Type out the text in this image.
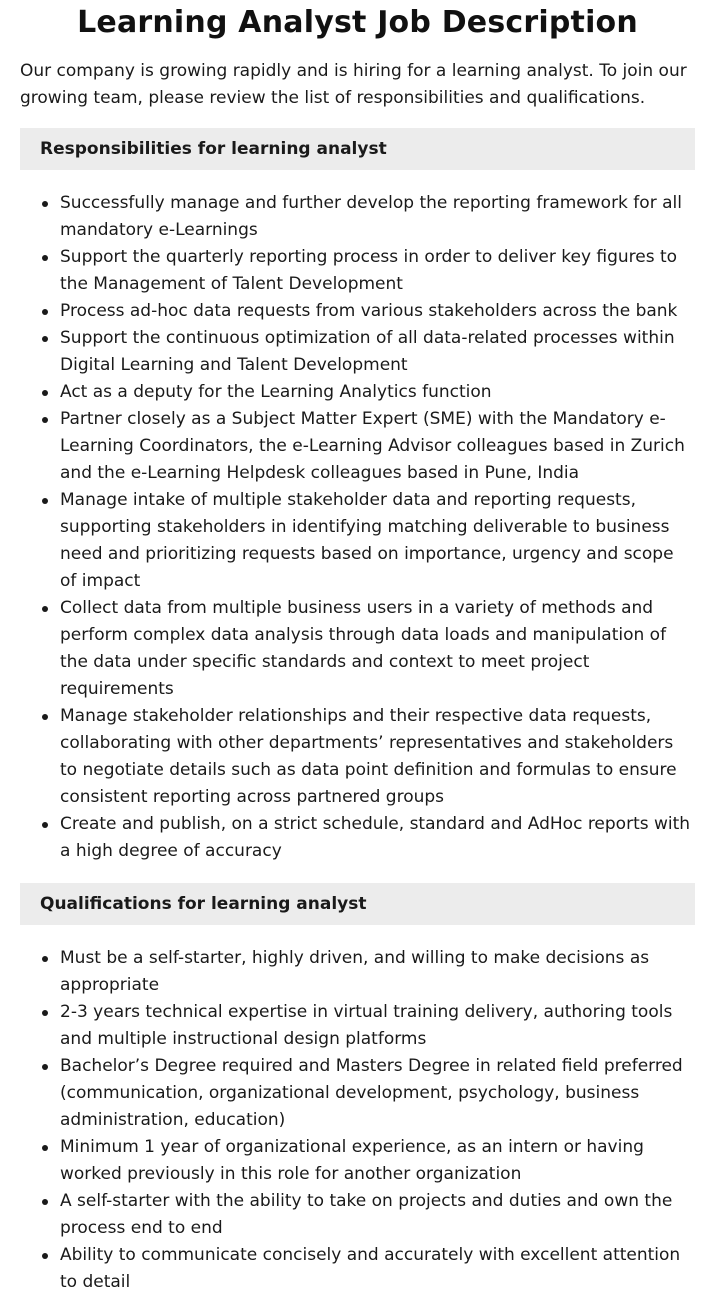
Learning Analyst Job Description

Our company is growing rapidly and is hiring for a learning analyst. To join our growing team, please review the list of responsibilities and qualifications.

Responsibilities for learning analyst
Successfully manage and further develop the reporting framework for all mandatory e-Learnings
Support the quarterly reporting process in order to deliver key figures to the Management of Talent Development
Process ad-hoc data requests from various stakeholders across the bank
Support the continuous optimization of all data-related processes within Digital Learning and Talent Development
Act as a deputy for the Learning Analytics function
Partner closely as a Subject Matter Expert (SME) with the Mandatory e-Learning Coordinators, the e-Learning Advisor colleagues based in Zurich and the e-Learning Helpdesk colleagues based in Pune, India
Manage intake of multiple stakeholder data and reporting requests, supporting stakeholders in identifying matching deliverable to business need and prioritizing requests based on importance, urgency and scope of impact
Collect data from multiple business users in a variety of methods and perform complex data analysis through data loads and manipulation of the data under specific standards and context to meet project requirements
Manage stakeholder relationships and their respective data requests, collaborating with other departments’ representatives and stakeholders to negotiate details such as data point definition and formulas to ensure consistent reporting across partnered groups
Create and publish, on a strict schedule, standard and AdHoc reports with a high degree of accuracy
Qualifications for learning analyst
Must be a self-starter, highly driven, and willing to make decisions as appropriate
2-3 years technical expertise in virtual training delivery, authoring tools and multiple instructional design platforms
Bachelor’s Degree required and Masters Degree in related field preferred (communication, organizational development, psychology, business administration, education)
Minimum 1 year of organizational experience, as an intern or having worked previously in this role for another organization
A self-starter with the ability to take on projects and duties and own the process end to end
Ability to communicate concisely and accurately with excellent attention to detail
